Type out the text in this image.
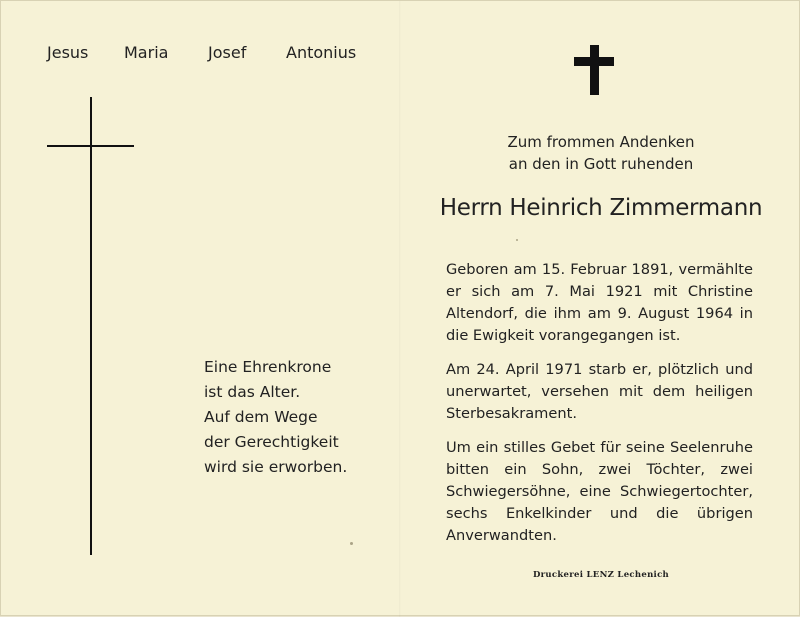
Jesus Maria Josef Antonius
Eine Ehrenkrone
ist das Alter.
Auf dem Wege
der Gerechtigkeit
wird sie erworben.
Zum frommen Andenken
an den in Gott ruhenden
Herrn Heinrich Zimmermann

Geboren am 15. Februar 1891, vermählte er sich am 7. Mai 1921 mit Christine Altendorf, die ihm am 9. August 1964 in die Ewigkeit vorangegangen ist.

Am 24. April 1971 starb er, plötzlich und unerwartet, versehen mit dem heiligen Sterbesakrament.

Um ein stilles Gebet für seine Seelenruhe bitten ein Sohn, zwei Töchter, zwei Schwiegersöhne, eine Schwiegertochter, sechs Enkelkinder und die übrigen Anverwandten.

Druckerei LENZ Lechenich
